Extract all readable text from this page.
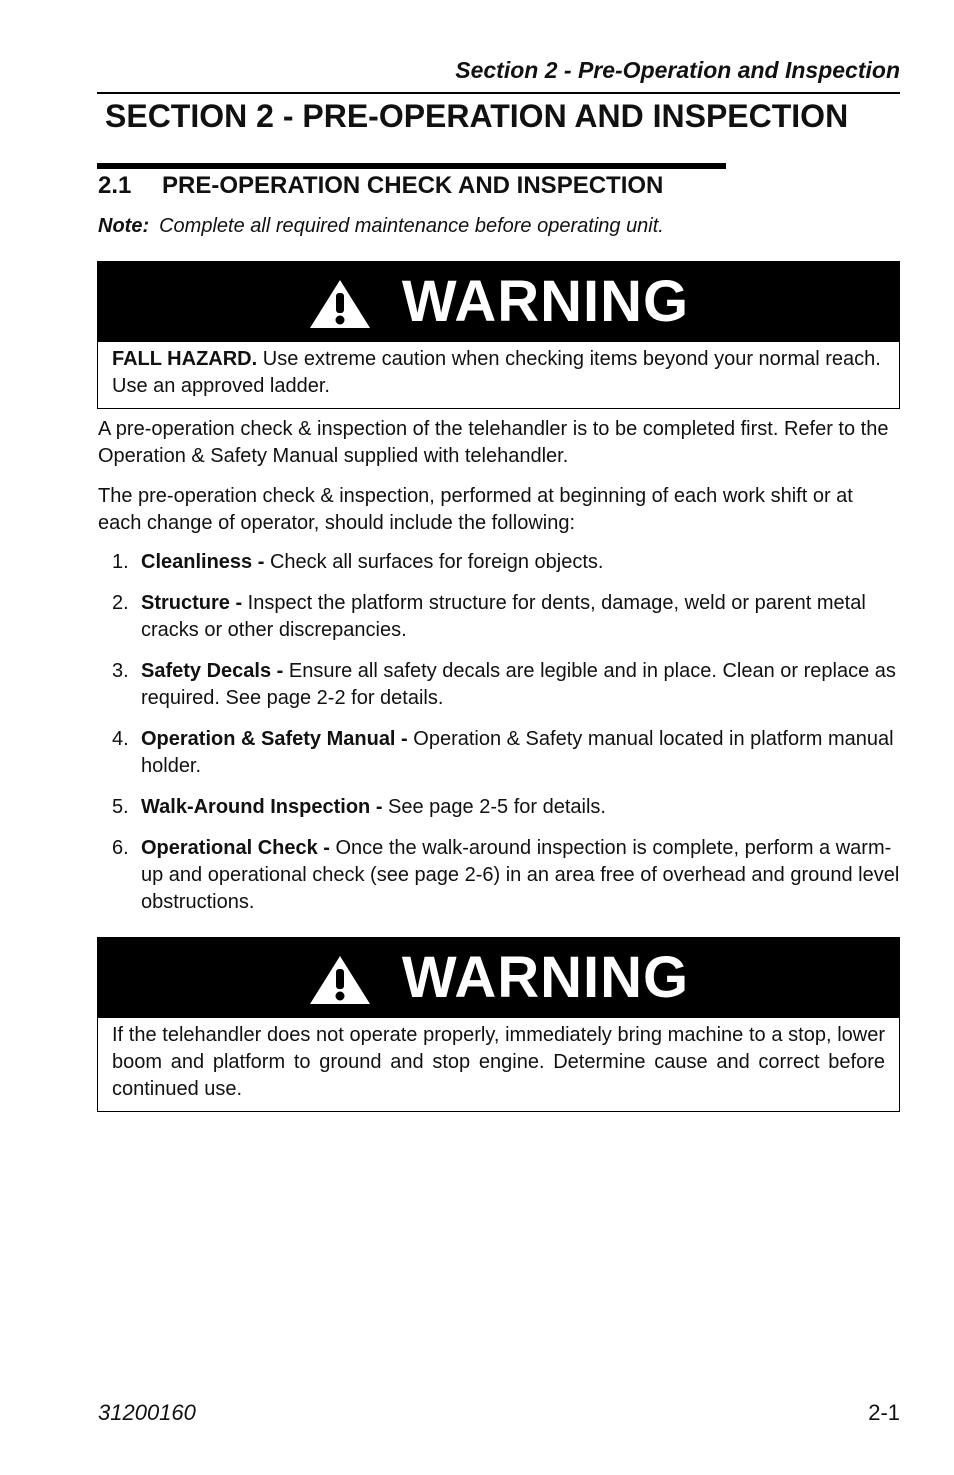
Section 2 - Pre-Operation and Inspection
SECTION 2 - PRE-OPERATION AND INSPECTION
2.1 PRE-OPERATION CHECK AND INSPECTION
Note: Complete all required maintenance before operating unit.
WARNING
FALL HAZARD. Use extreme caution when checking items beyond your normal reach. Use an approved ladder.
A pre-operation check & inspection of the telehandler is to be completed first. Refer to the Operation & Safety Manual supplied with telehandler.
The pre-operation check & inspection, performed at beginning of each work shift or at each change of operator, should include the following:
1. Cleanliness - Check all surfaces for foreign objects.
2. Structure - Inspect the platform structure for dents, damage, weld or parent metal cracks or other discrepancies.
3. Safety Decals - Ensure all safety decals are legible and in place. Clean or replace as required. See page 2-2 for details.
4. Operation & Safety Manual - Operation & Safety manual located in platform manual holder.
5. Walk-Around Inspection - See page 2-5 for details.
6. Operational Check - Once the walk-around inspection is complete, perform a warm-up and operational check (see page 2-6) in an area free of overhead and ground level obstructions.
WARNING
If the telehandler does not operate properly, immediately bring machine to a stop, lower boom and platform to ground and stop engine. Determine cause and correct before continued use.
31200160	2-1
